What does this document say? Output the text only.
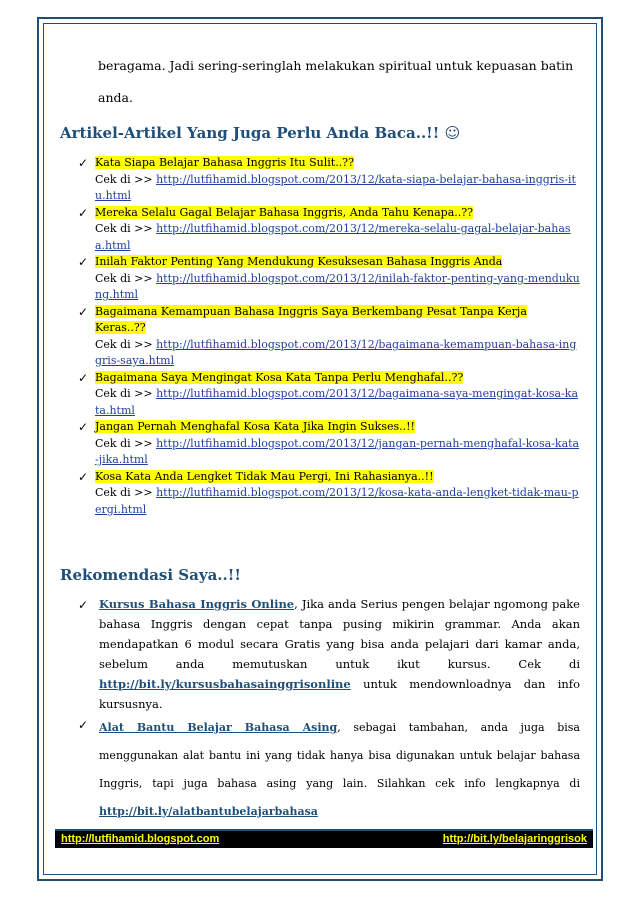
beragama. Jadi sering-seringlah melakukan spiritual untuk kepuasan batin
anda.

Artikel-Artikel Yang Juga Perlu Anda Baca..!! ☺
✓ Kata Siapa Belajar Bahasa Inggris Itu Sulit..??
Cek di >> http://lutfihamid.blogspot.com/2013/12/kata-siapa-belajar-bahasa-inggris-itu.html
✓ Mereka Selalu Gagal Belajar Bahasa Inggris, Anda Tahu Kenapa..??
Cek di >> http://lutfihamid.blogspot.com/2013/12/mereka-selalu-gagal-belajar-bahasa.html
✓ Inilah Faktor Penting Yang Mendukung Kesuksesan Bahasa Inggris Anda
Cek di >> http://lutfihamid.blogspot.com/2013/12/inilah-faktor-penting-yang-mendukung.html
✓ Bagaimana Kemampuan Bahasa Inggris Saya Berkembang Pesat Tanpa Kerja Keras..??
Cek di >> http://lutfihamid.blogspot.com/2013/12/bagaimana-kemampuan-bahasa-inggris-saya.html
✓ Bagaimana Saya Mengingat Kosa Kata Tanpa Perlu Menghafal..??
Cek di >> http://lutfihamid.blogspot.com/2013/12/bagaimana-saya-mengingat-kosa-kata.html
✓ Jangan Pernah Menghafal Kosa Kata Jika Ingin Sukses..!!
Cek di >> http://lutfihamid.blogspot.com/2013/12/jangan-pernah-menghafal-kosa-kata-jika.html
✓ Kosa Kata Anda Lengket Tidak Mau Pergi, Ini Rahasianya..!!
Cek di >> http://lutfihamid.blogspot.com/2013/12/kosa-kata-anda-lengket-tidak-mau-pergi.html
Rekomendasi Saya..!!
✓ Kursus Bahasa Inggris Online, Jika anda Serius pengen belajar ngomong pake bahasa Inggris dengan cepat tanpa pusing mikirin grammar. Anda akan mendapatkan 6 modul secara Gratis yang bisa anda pelajari dari kamar anda, sebelum anda memutuskan untuk ikut kursus. Cek di http://bit.ly/kursusbahasainggrisonline untuk mendownloadnya dan info kursusnya.
✓ Alat Bantu Belajar Bahasa Asing, sebagai tambahan, anda juga bisa menggunakan alat bantu ini yang tidak hanya bisa digunakan untuk belajar bahasa Inggris, tapi juga bahasa asing yang lain. Silahkan cek info lengkapnya di
http://bit.ly/alatbantubelajarbahasa
http://lutfihamid.blogspot.com	http://bit.ly/belajaringgrisok
